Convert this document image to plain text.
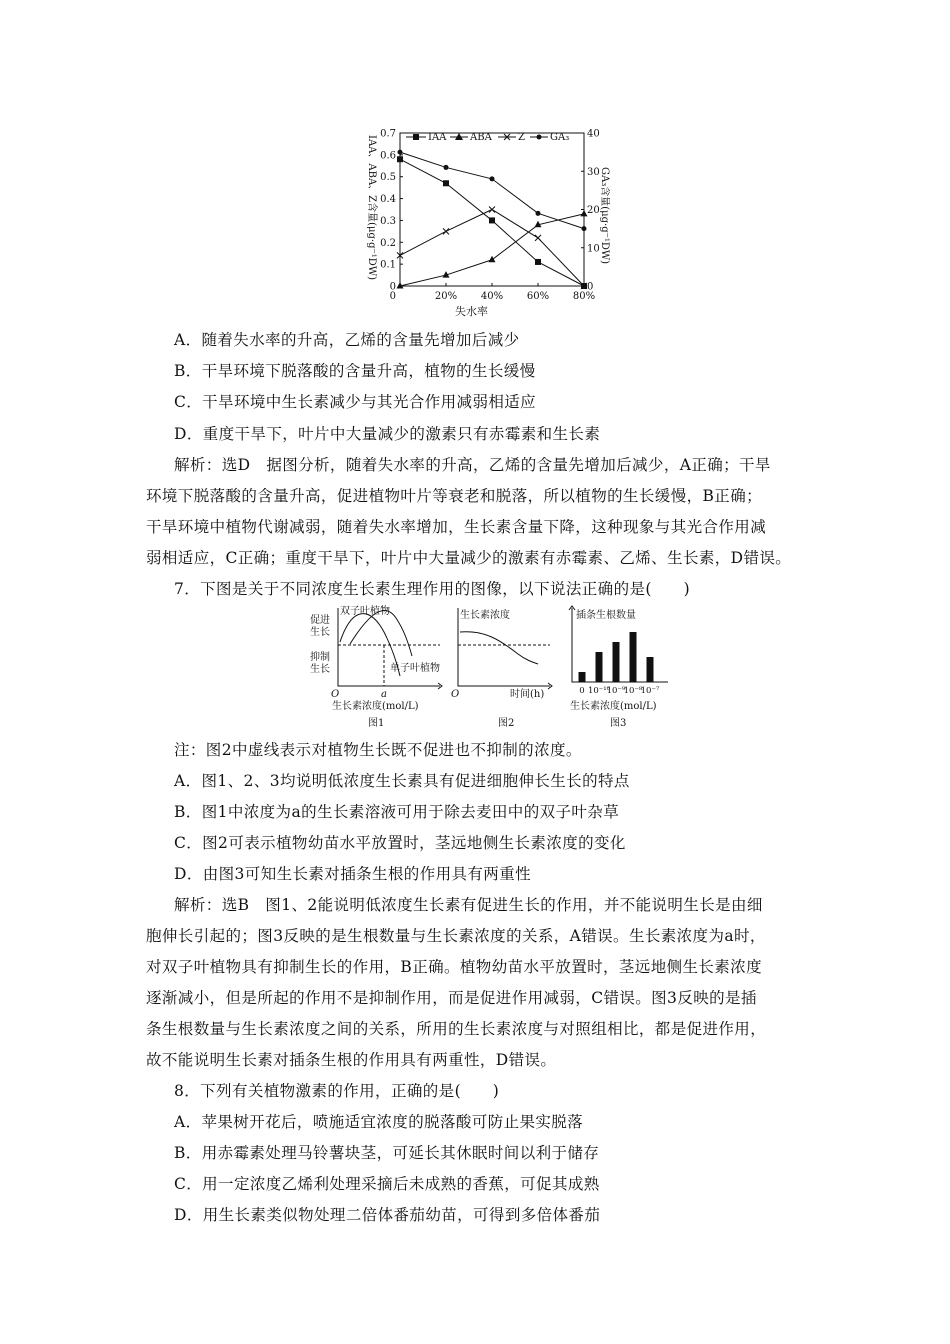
IAA、ABA、Z含量(μg·g⁻¹DW)	GA₃含量(μg·g⁻¹DW)
0
0.1
0.2
0.3
0.4
0.5
0.6
0.7
0
10
20
30
40
20% 40% 60% 80%
0
失水率
IAA ABA	Z	GA₃
A．随着失水率的升高，乙烯的含量先增加后减少
B．干旱环境下脱落酸的含量升高，植物的生长缓慢
C．干旱环境中生长素减少与其光合作用减弱相适应
D．重度干旱下，叶片中大量减少的激素只有赤霉素和生长素
解析：选D　据图分析，随着失水率的升高，乙烯的含量先增加后减少，A正确；干旱
环境下脱落酸的含量升高，促进植物叶片等衰老和脱落，所以植物的生长缓慢，B正确；
干旱环境中植物代谢减弱，随着失水率增加，生长素含量下降，这种现象与其光合作用减
弱相适应，C正确；重度干旱下，叶片中大量减少的激素有赤霉素、乙烯、生长素，D错误。
7．下图是关于不同浓度生长素生理作用的图像，以下说法正确的是(　　)
促进
生长
抑制
生长
双子叶植物
单子叶植物
O	a
生长素浓度(mol/L)
图1
生长素浓度
O	时间(h)
图2
插条生根数量
0 10⁻¹⁰
10⁻⁹
10⁻⁸
10⁻⁷
生长素浓度(mol/L)
图3
注：图2中虚线表示对植物生长既不促进也不抑制的浓度。
A．图1、2、3均说明低浓度生长素具有促进细胞伸长生长的特点
B．图1中浓度为a的生长素溶液可用于除去麦田中的双子叶杂草
C．图2可表示植物幼苗水平放置时，茎远地侧生长素浓度的变化
D．由图3可知生长素对插条生根的作用具有两重性
解析：选B　图1、2能说明低浓度生长素有促进生长的作用，并不能说明生长是由细
胞伸长引起的；图3反映的是生根数量与生长素浓度的关系，A错误。生长素浓度为a时，
对双子叶植物具有抑制生长的作用，B正确。植物幼苗水平放置时，茎远地侧生长素浓度
逐渐减小，但是所起的作用不是抑制作用，而是促进作用减弱，C错误。图3反映的是插
条生根数量与生长素浓度之间的关系，所用的生长素浓度与对照组相比，都是促进作用，
故不能说明生长素对插条生根的作用具有两重性，D错误。
8．下列有关植物激素的作用，正确的是(　　)
A．苹果树开花后，喷施适宜浓度的脱落酸可防止果实脱落
B．用赤霉素处理马铃薯块茎，可延长其休眠时间以利于储存
C．用一定浓度乙烯利处理采摘后未成熟的香蕉，可促其成熟
D．用生长素类似物处理二倍体番茄幼苗，可得到多倍体番茄
